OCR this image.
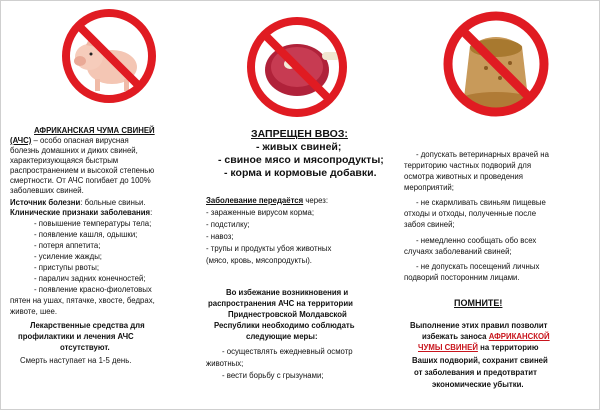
АФРИКАНСКАЯ ЧУМА СВИНЕЙ
(АЧС) – особо опасная вирусная
болезнь домашних и диких свиней,
характеризующаяся быстрым
распространением и высокой степенью
смертности. От АЧС погибает до 100%
заболевших свиней.
Источник болезни: больные свиньи.
Клинические признаки заболевания:
- повышение температуры тела;
- появление кашля, одышки;
- потеря аппетита;
- усиление жажды;
- приступы рвоты;
- паралич задних конечностей;
- появление красно-фиолетовых
пятен на ушах, пятачке, хвосте, бедрах,
животе, шее.
Лекарственные средства для
профилактики и лечения АЧС
отсутствуют.
Смерть наступает на 1-5 день.
ЗАПРЕЩЕН ВВОЗ:
- живых свиней;
- свиное мясо и мясопродукты;
- корма и кормовые добавки.
Заболевание передаётся через:
- зараженные вирусом корма;
- подстилку;
- навоз;
- трупы и продукты убоя животных
(мясо, кровь, мясопродукты).
Во избежание возникновения и
распространения АЧС на территории
Приднестровской Молдавской
Республики необходимо соблюдать
следующие меры:
- осуществлять ежедневный осмотр
животных;
- вести борьбу с грызунами;
- допускать ветеринарных врачей на
территорию частных подворий для
осмотра животных и проведения
мероприятий;
- не скармливать свиньям пищевые
отходы и отходы, полученные после
забоя свиней;
- немедленно сообщать обо всех
случаях заболеваний свиней;
- не допускать посещений личных
подворий посторонним лицами.
ПОМНИТЕ!
Выполнение этих правил позволит
избежать заноса АФРИКАНСКОЙ
ЧУМЫ СВИНЕЙ на территорию
Ваших подворий, сохранит свиней
от заболевания и предотвратит
экономические убытки.
